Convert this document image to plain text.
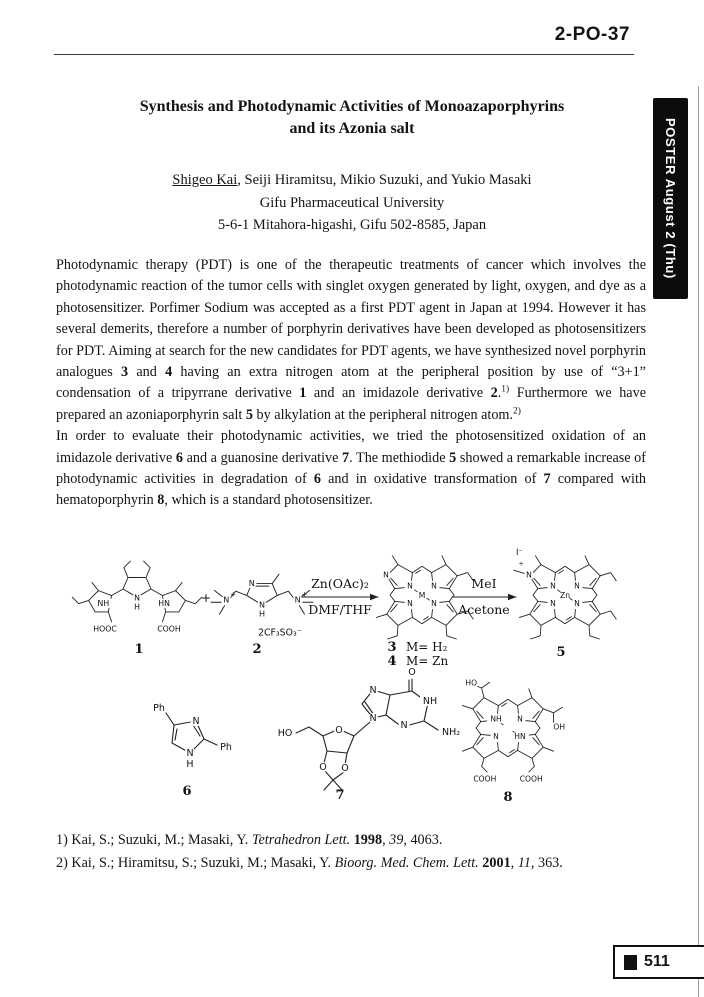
2-PO-37
POSTER August 2 (Thu)
Synthesis and Photodynamic Activities of Monoazaporphyrins
and its Azonia salt
Shigeo Kai, Seiji Hiramitsu, Mikio Suzuki, and Yukio Masaki
Gifu Pharmaceutical University
5-6-1 Mitahora-higashi, Gifu 502-8585, Japan

Photodynamic therapy (PDT) is one of the therapeutic treatments of cancer which involves the photodynamic reaction of the tumor cells with singlet oxygen generated by light, oxygen, and dye as a photosensitizer. Porfimer Sodium was accepted as a first PDT agent in Japan at 1994. However it has several demerits, therefore a number of porphyrin derivatives have been developed as photosensitizers for PDT. Aiming at search for the new candidates for PDT agents, we have synthesized novel porphyrin analogues 3 and 4 having an extra nitrogen atom at the peripheral position by use of “3+1” condensation of a tripyrrane derivative 1 and an imidazole derivative 2.$^{1)}$ Furthermore we have prepared an azoniaporphyrin salt 5 by alkylation at the peripheral nitrogen atom.$^{2)}$

In order to evaluate their photodynamic activities, we tried the photosensitized oxidation of an imidazole derivative 6 and a guanosine derivative 7. The methiodide 5 showed a remarkable increase of photodynamic activities in degradation of 6 and in oxidative transformation of 7 compared with hematoporphyrin 8, which is a standard photosensitizer.

N
H
NH	HN
HOOC	COOH
1
+
N
N
H
N
+
N
+
2CF₃SO₃⁻
2
Zn(OAc)₂
DMF/THF
N
N N
N N
M
3 M= H₂
4 M= Zn
MeI
Acetone
N
+
I⁻
N N
N N
Zn
5
N
N
H
Ph
Ph
6
O
NH
N
NH₂
N
N
O
HO
O O
7
HO
OH
NH N
N HN
COOH COOH
8
1) Kai, S.; Suzuki, M.; Masaki, Y. Tetrahedron Lett. 1998, 39, 4063.
2) Kai, S.; Hiramitsu, S.; Suzuki, M.; Masaki, Y. Bioorg. Med. Chem. Lett. 2001, 11, 363.
511
